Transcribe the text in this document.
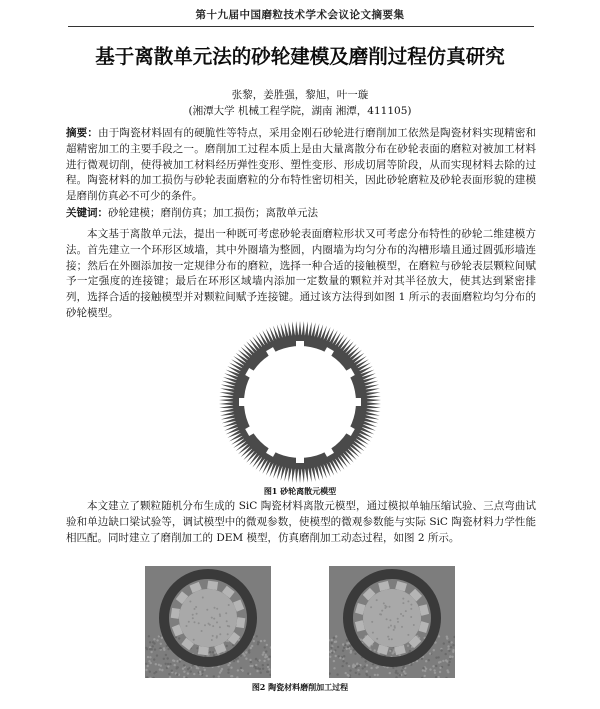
第十九届中国磨粒技术学术会议论文摘要集
基于离散单元法的砂轮建模及磨削过程仿真研究
张黎，姜胜强，黎旭，叶一璇
(湘潭大学 机械工程学院，湖南 湘潭，411105)
摘要：由于陶瓷材料固有的硬脆性等特点，采用金刚石砂轮进行磨削加工依然是陶瓷材料实现精密和超精密加工的主要手段之一。磨削加工过程本质上是由大量离散分布在砂轮表面的磨粒对被加工材料进行微观切削，使得被加工材料经历弹性变形、塑性变形、形成切屑等阶段，从而实现材料去除的过程。陶瓷材料的加工损伤与砂轮表面磨粒的分布特性密切相关，因此砂轮磨粒及砂轮表面形貌的建模是磨削仿真必不可少的条件。
关键词：砂轮建模；磨削仿真；加工损伤；离散单元法
本文基于离散单元法，提出一种既可考虑砂轮表面磨粒形状又可考虑分布特性的砂轮二维建模方法。首先建立一个环形区域墙，其中外圈墙为整圆，内圈墙为均匀分布的沟槽形墙且通过圆弧形墙连接；然后在外圈添加按一定规律分布的磨粒，选择一种合适的接触模型，在磨粒与砂轮表层颗粒间赋予一定强度的连接键；最后在环形区域墙内添加一定数量的颗粒并对其半径放大，使其达到紧密排列，选择合适的接触模型并对颗粒间赋予连接键。通过该方法得到如图 1 所示的表面磨粒均匀分布的砂轮模型。
图1 砂轮离散元模型
本文建立了颗粒随机分布生成的 SiC 陶瓷材料离散元模型，通过模拟单轴压缩试验、三点弯曲试验和单边缺口梁试验等，调试模型中的微观参数，使模型的微观参数能与实际 SiC 陶瓷材料力学性能相匹配。同时建立了磨削加工的 DEM 模型，仿真磨削加工动态过程，如图 2 所示。
图2 陶瓷材料磨削加工过程
